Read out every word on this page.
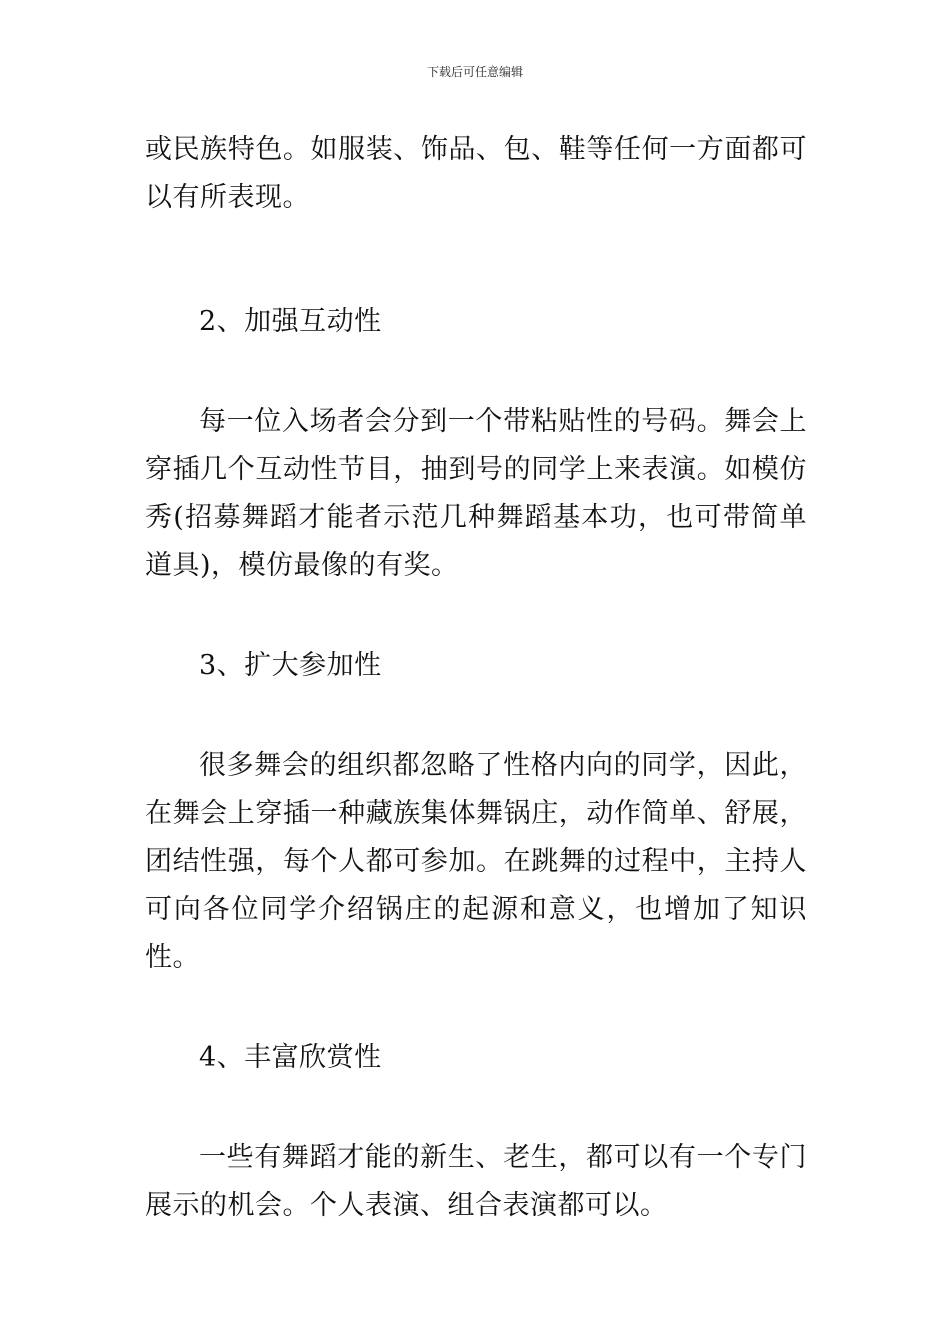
下载后可任意编辑

或民族特色。如服装、饰品、包、鞋等任何一方面都可以有所表现。

2、加强互动性

每一位入场者会分到一个带粘贴性的号码。舞会上穿插几个互动性节目，抽到号的同学上来表演。如模仿秀(招募舞蹈才能者示范几种舞蹈基本功，也可带简单道具)，模仿最像的有奖。

3、扩大参加性

很多舞会的组织都忽略了性格内向的同学，因此，在舞会上穿插一种藏族集体舞锅庄，动作简单、舒展，团结性强，每个人都可参加。在跳舞的过程中，主持人可向各位同学介绍锅庄的起源和意义，也增加了知识性。

4、丰富欣赏性

一些有舞蹈才能的新生、老生，都可以有一个专门展示的机会。个人表演、组合表演都可以。
